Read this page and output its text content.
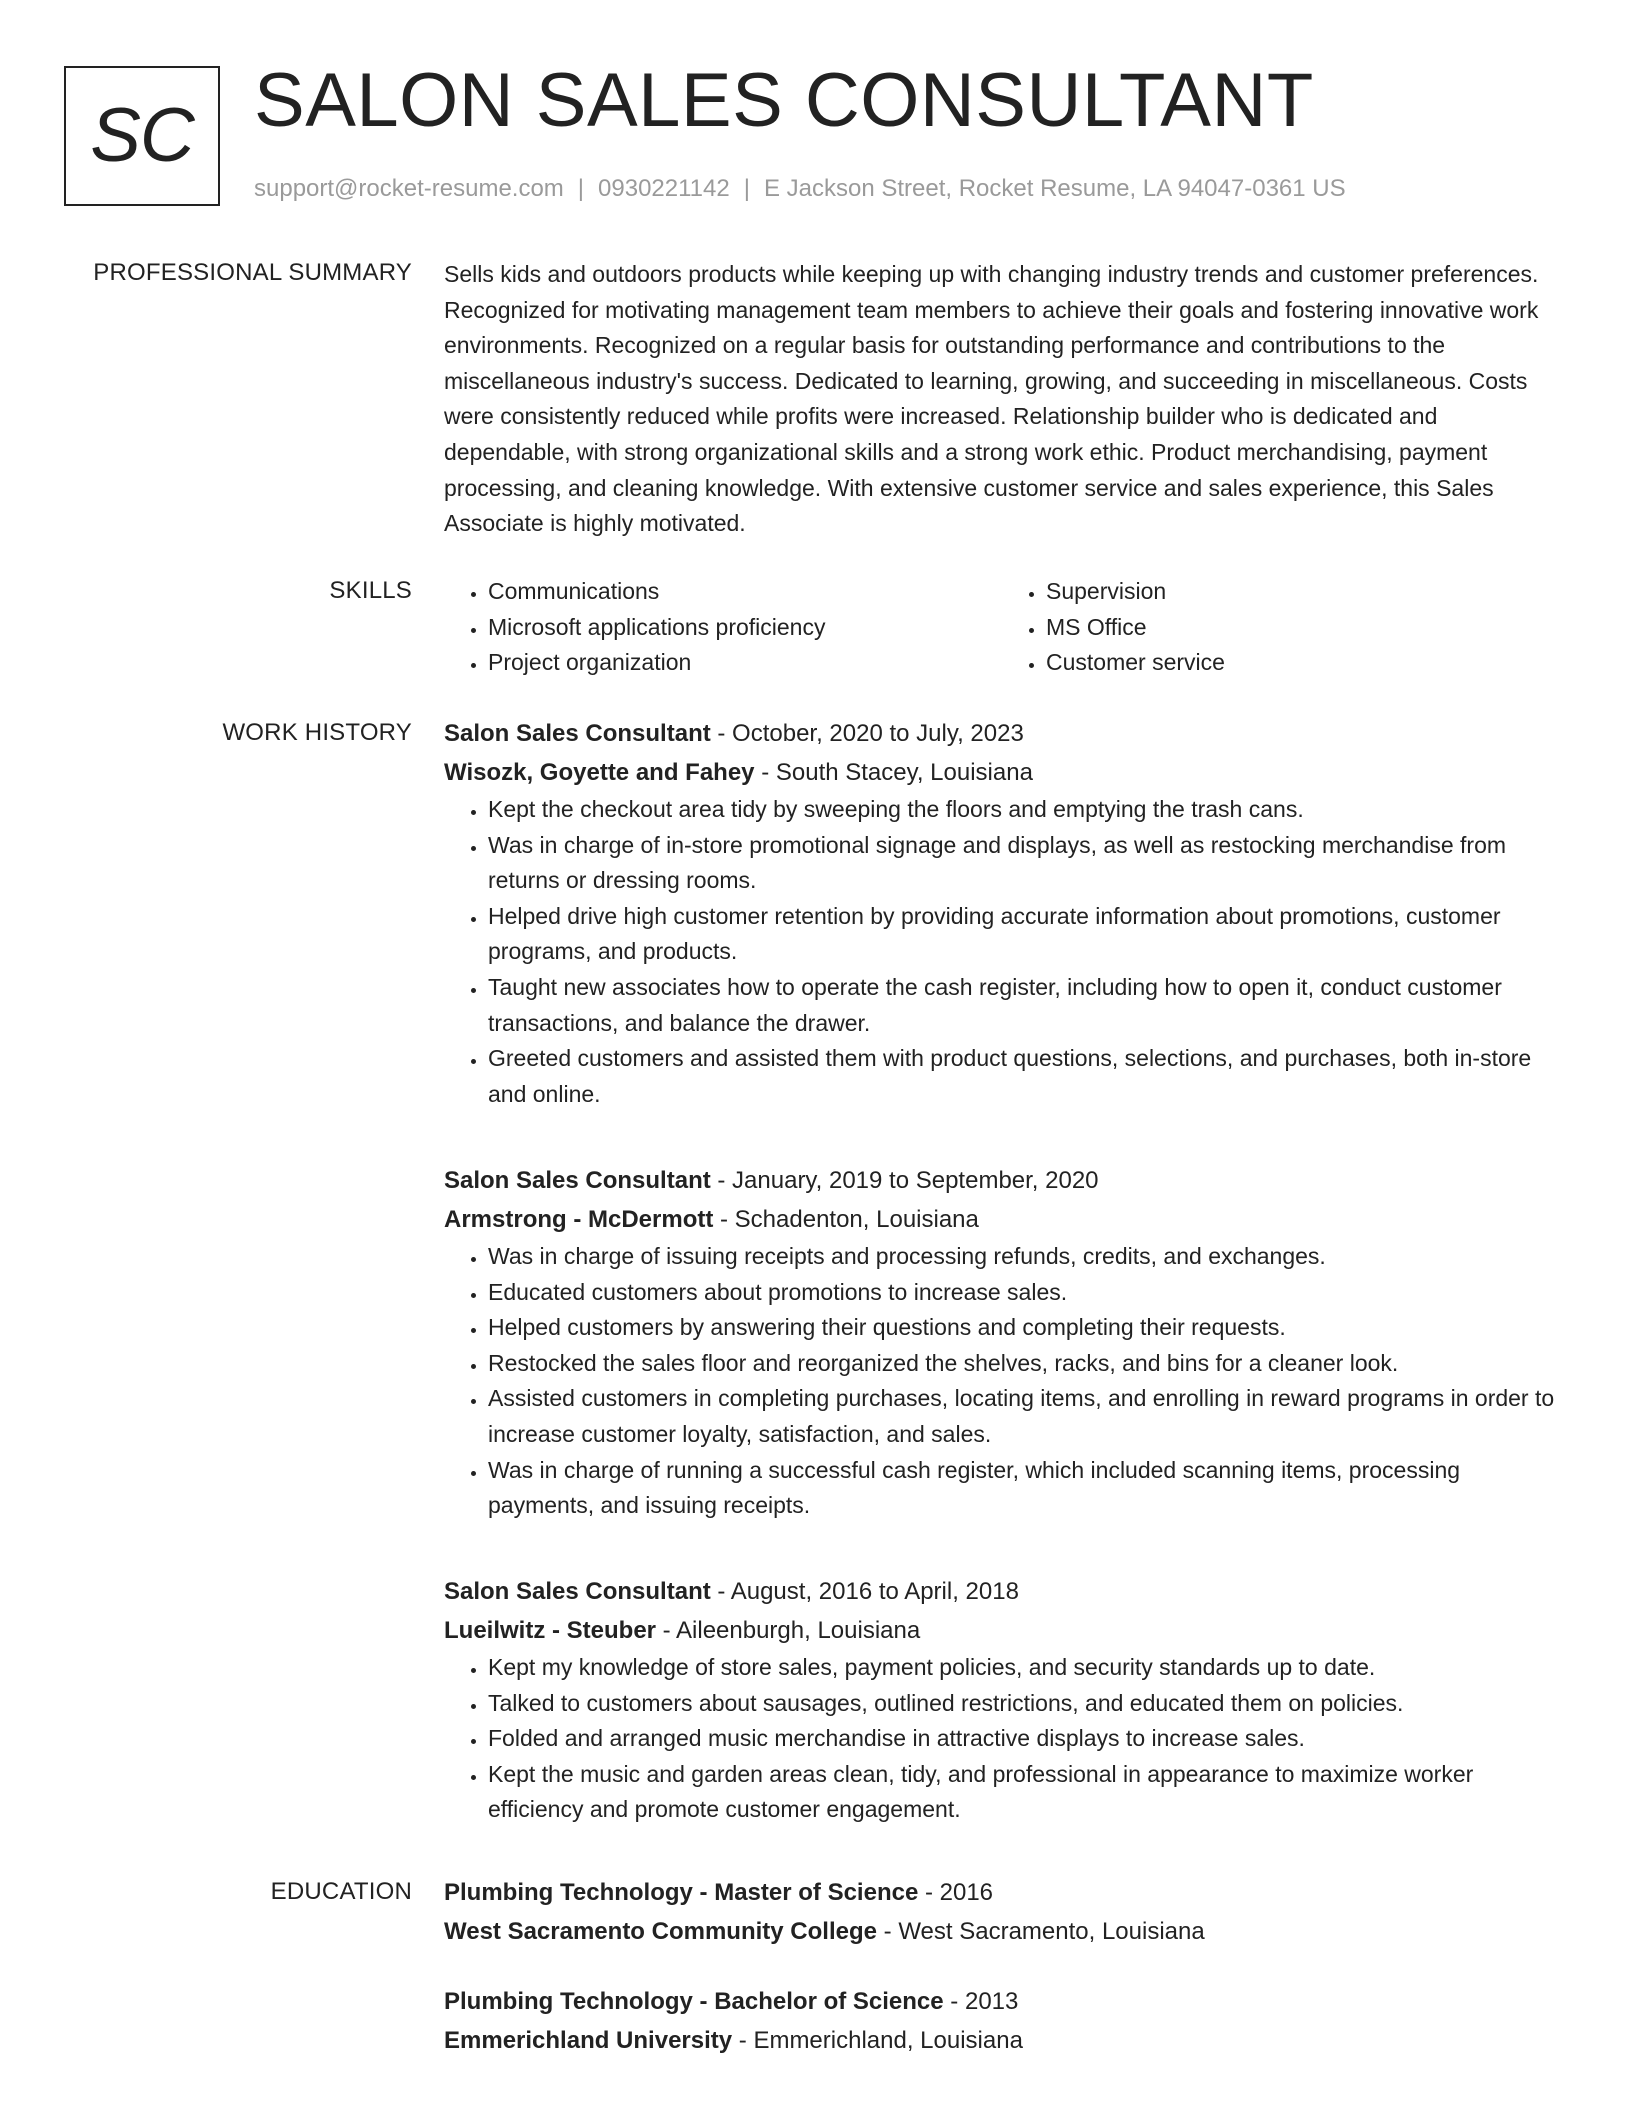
SC SALON SALES CONSULTANT
support@rocket-resume.com | 0930221142 | E Jackson Street, Rocket Resume, LA 94047-0361 US
PROFESSIONAL SUMMARY Sells kids and outdoors products while keeping up with changing industry trends and customer preferences. Recognized for motivating management team members to achieve their goals and fostering innovative work environments. Recognized on a regular basis for outstanding performance and contributions to the miscellaneous industry's success. Dedicated to learning, growing, and succeeding in miscellaneous. Costs were consistently reduced while profits were increased. Relationship builder who is dedicated and dependable, with strong organizational skills and a strong work ethic. Product merchandising, payment processing, and cleaning knowledge. With extensive customer service and sales experience, this Sales Associate is highly motivated.

SKILLS
•	Communications
• Microsoft applications proficiency
• Project organization
• Supervision
• MS Office
• Customer service
WORK HISTORY Salon Sales Consultant - October, 2020 to July, 2023
Wisozk, Goyette and Fahey - South Stacey, Louisiana
• Kept the checkout area tidy by sweeping the floors and emptying the trash cans.
• Was in charge of in-store promotional signage and displays, as well as restocking merchandise from returns or dressing rooms.
• Helped drive high customer retention by providing accurate information about promotions, customer programs, and products.
• Taught new associates how to operate the cash register, including how to open it, conduct customer transactions, and balance the drawer.
• Greeted customers and assisted them with product questions, selections, and purchases, both in-store and online.
Salon Sales Consultant - January, 2019 to September, 2020
Armstrong - McDermott - Schadenton, Louisiana
• Was in charge of issuing receipts and processing refunds, credits, and exchanges.
• Educated customers about promotions to increase sales.
• Helped customers by answering their questions and completing their requests.
• Restocked the sales floor and reorganized the shelves, racks, and bins for a cleaner look.
• Assisted customers in completing purchases, locating items, and enrolling in reward programs in order to increase customer loyalty, satisfaction, and sales.
• Was in charge of running a successful cash register, which included scanning items, processing payments, and issuing receipts.
Salon Sales Consultant - August, 2016 to April, 2018
Lueilwitz - Steuber - Aileenburgh, Louisiana
• Kept my knowledge of store sales, payment policies, and security standards up to date.
• Talked to customers about sausages, outlined restrictions, and educated them on policies.
• Folded and arranged music merchandise in attractive displays to increase sales.
• Kept the music and garden areas clean, tidy, and professional in appearance to maximize worker efficiency and promote customer engagement.
EDUCATION Plumbing Technology - Master of Science - 2016
West Sacramento Community College - West Sacramento, Louisiana
Plumbing Technology - Bachelor of Science - 2013
Emmerichland University - Emmerichland, Louisiana
